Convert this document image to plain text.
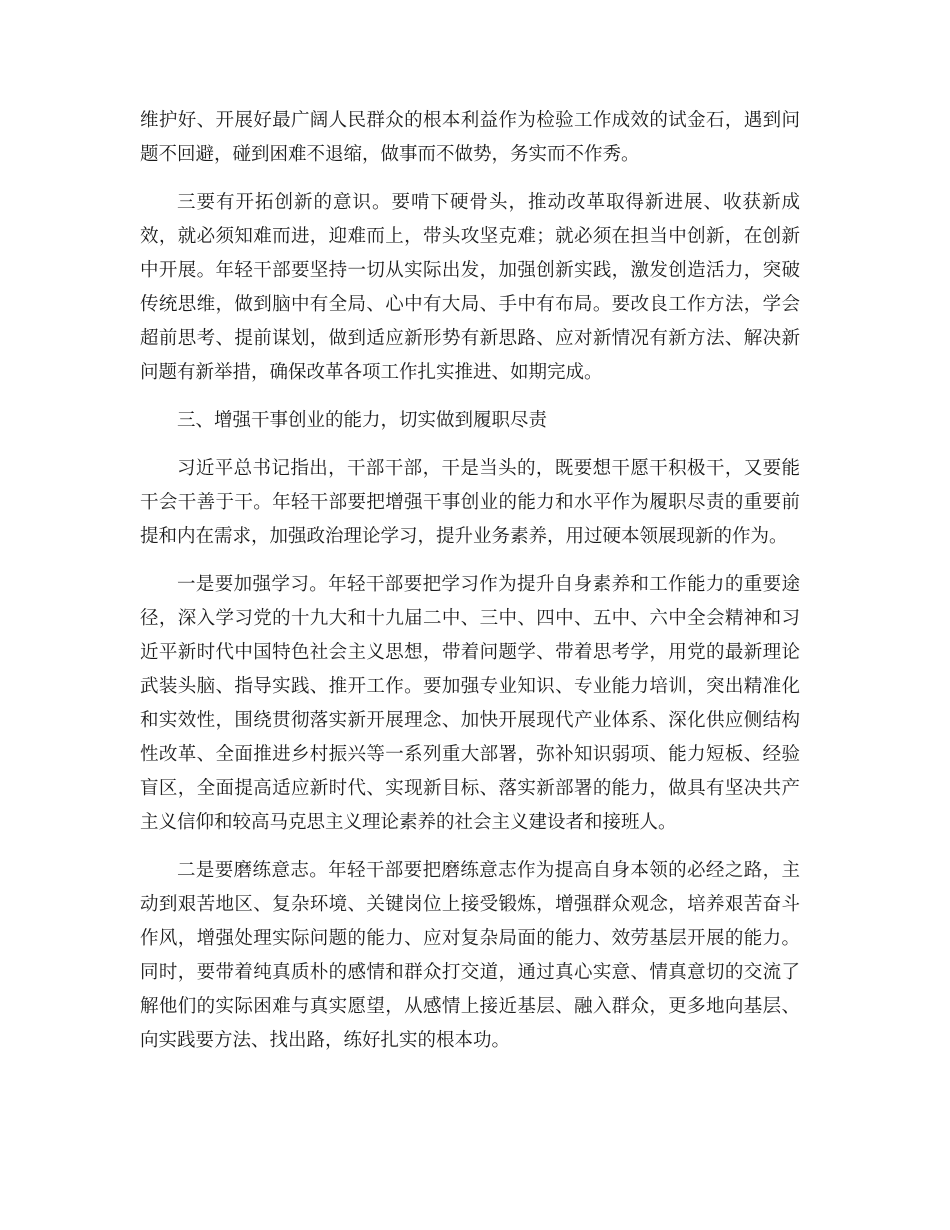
维护好、开展好最广阔人民群众的根本利益作为检验工作成效的试金石，遇到问题不回避，碰到困难不退缩，做事而不做势，务实而不作秀。

三要有开拓创新的意识。要啃下硬骨头，推动改革取得新进展、收获新成效，就必须知难而进，迎难而上，带头攻坚克难；就必须在担当中创新，在创新中开展。年轻干部要坚持一切从实际出发，加强创新实践，激发创造活力，突破传统思维，做到脑中有全局、心中有大局、手中有布局。要改良工作方法，学会超前思考、提前谋划，做到适应新形势有新思路、应对新情况有新方法、解决新问题有新举措，确保改革各项工作扎实推进、如期完成。

三、增强干事创业的能力，切实做到履职尽责

习近平总书记指出，干部干部，干是当头的，既要想干愿干积极干，又要能干会干善于干。年轻干部要把增强干事创业的能力和水平作为履职尽责的重要前提和内在需求，加强政治理论学习，提升业务素养，用过硬本领展现新的作为。

一是要加强学习。年轻干部要把学习作为提升自身素养和工作能力的重要途径，深入学习党的十九大和十九届二中、三中、四中、五中、六中全会精神和习近平新时代中国特色社会主义思想，带着问题学、带着思考学，用党的最新理论武装头脑、指导实践、推开工作。要加强专业知识、专业能力培训，突出精准化和实效性，围绕贯彻落实新开展理念、加快开展现代产业体系、深化供应侧结构性改革、全面推进乡村振兴等一系列重大部署，弥补知识弱项、能力短板、经验盲区，全面提高适应新时代、实现新目标、落实新部署的能力，做具有坚决共产主义信仰和较高马克思主义理论素养的社会主义建设者和接班人。

二是要磨练意志。年轻干部要把磨练意志作为提高自身本领的必经之路，主动到艰苦地区、复杂环境、关键岗位上接受锻炼，增强群众观念，培养艰苦奋斗作风，增强处理实际问题的能力、应对复杂局面的能力、效劳基层开展的能力。同时，要带着纯真质朴的感情和群众打交道，通过真心实意、情真意切的交流了解他们的实际困难与真实愿望，从感情上接近基层、融入群众，更多地向基层、向实践要方法、找出路，练好扎实的根本功。
